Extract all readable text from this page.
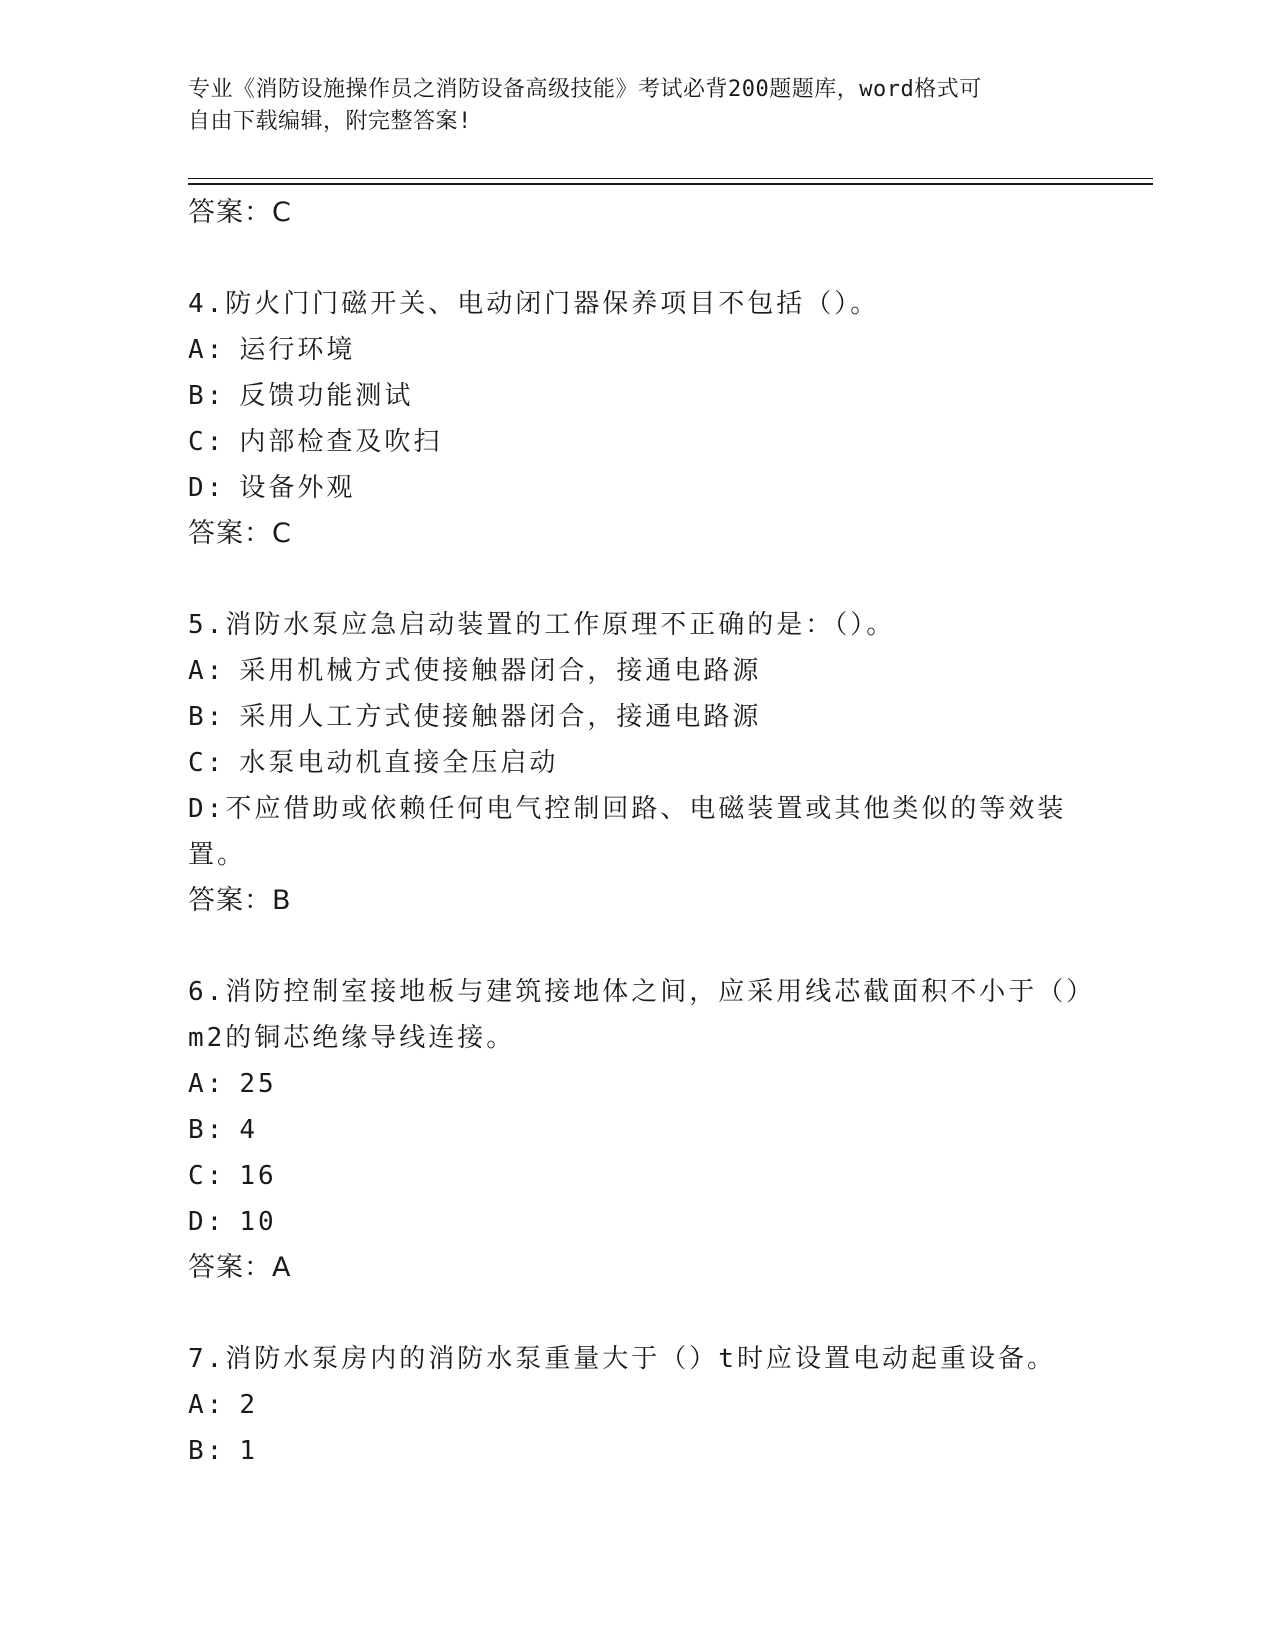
专业《消防设施操作员之消防设备高级技能》考试必背200题题库，word格式可
自由下载编辑，附完整答案!
答案：C
4.防火门门磁开关、电动闭门器保养项目不包括（）。
A: 运行环境
B: 反馈功能测试
C: 内部检查及吹扫
D: 设备外观
答案：C
5.消防水泵应急启动装置的工作原理不正确的是：（）。
A: 采用机械方式使接触器闭合，接通电路源
B: 采用人工方式使接触器闭合，接通电路源
C: 水泵电动机直接全压启动
D:不应借助或依赖任何电气控制回路、电磁装置或其他类似的等效装置。
答案：B
6.消防控制室接地板与建筑接地体之间，应采用线芯截面积不小于（）m2的铜芯绝缘导线连接。
A: 25
B: 4
C: 16
D: 10
答案：A
7.消防水泵房内的消防水泵重量大于（）t时应设置电动起重设备。
A: 2
B: 1
